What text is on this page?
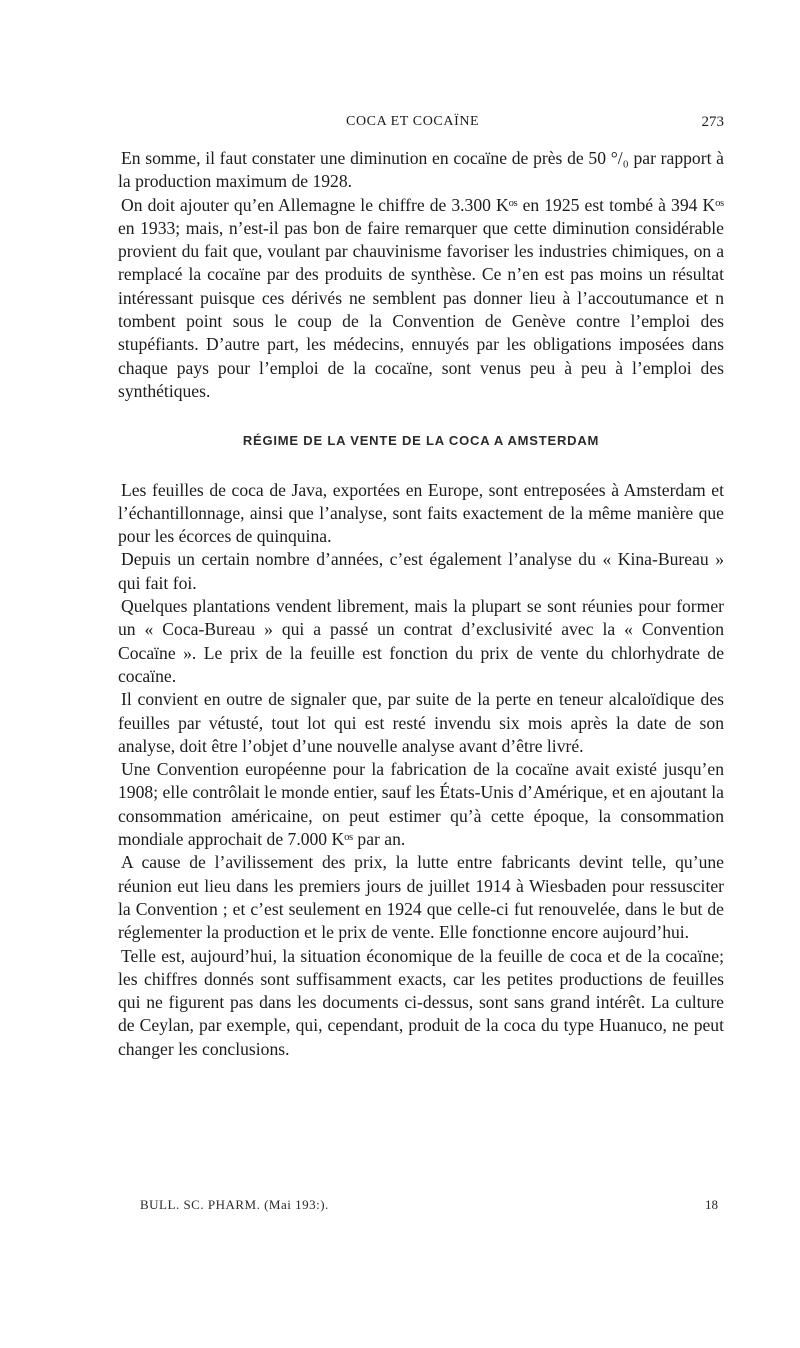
COCA ET COCAÏNE	273

En somme, il faut constater une diminution en cocaïne de près de 50 °/₀ par rapport à la production maximum de 1928.

On doit ajouter qu’en Allemagne le chiffre de 3.300 Kᵒˢ en 1925 est tombé à 394 Kᵒˢ en 1933; mais, n’est-il pas bon de faire remarquer que cette diminution considérable provient du fait que, voulant par chauvinisme favoriser les industries chimiques, on a remplacé la cocaïne par des produits de synthèse. Ce n’en est pas moins un résultat intéressant puisque ces dérivés ne semblent pas donner lieu à l’accoutumance et n tombent point sous le coup de la Convention de Genève contre l’emploi des stupéfiants. D’autre part, les médecins, ennuyés par les obligations imposées dans chaque pays pour l’emploi de la cocaïne, sont venus peu à peu à l’emploi des synthétiques.

RÉGIME DE LA VENTE DE LA COCA A AMSTERDAM

Les feuilles de coca de Java, exportées en Europe, sont entreposées à Amsterdam et l’échantillonnage, ainsi que l’analyse, sont faits exactement de la même manière que pour les écorces de quinquina.

Depuis un certain nombre d’années, c’est également l’analyse du « Kina-Bureau » qui fait foi.

Quelques plantations vendent librement, mais la plupart se sont réunies pour former un « Coca-Bureau » qui a passé un contrat d’exclusivité avec la « Convention Cocaïne ». Le prix de la feuille est fonction du prix de vente du chlorhydrate de cocaïne.

Il convient en outre de signaler que, par suite de la perte en teneur alcaloïdique des feuilles par vétusté, tout lot qui est resté invendu six mois après la date de son analyse, doit être l’objet d’une nouvelle analyse avant d’être livré.

Une Convention européenne pour la fabrication de la cocaïne avait existé jusqu’en 1908; elle contrôlait le monde entier, sauf les États-Unis d’Amérique, et en ajoutant la consommation américaine, on peut estimer qu’à cette époque, la consommation mondiale approchait de 7.000 Kᵒˢ par an.

A cause de l’avilissement des prix, la lutte entre fabricants devint telle, qu’une réunion eut lieu dans les premiers jours de juillet 1914 à Wiesbaden pour ressusciter la Convention ; et c’est seulement en 1924 que celle-ci fut renouvelée, dans le but de réglementer la production et le prix de vente. Elle fonctionne encore aujourd’hui.

Telle est, aujourd’hui, la situation économique de la feuille de coca et de la cocaïne; les chiffres donnés sont suffisamment exacts, car les petites productions de feuilles qui ne figurent pas dans les documents ci-dessus, sont sans grand intérêt. La culture de Ceylan, par exemple, qui, cependant, produit de la coca du type Huanuco, ne peut changer les conclusions.

BULL. SC. PHARM. (Mai 193:).	18
